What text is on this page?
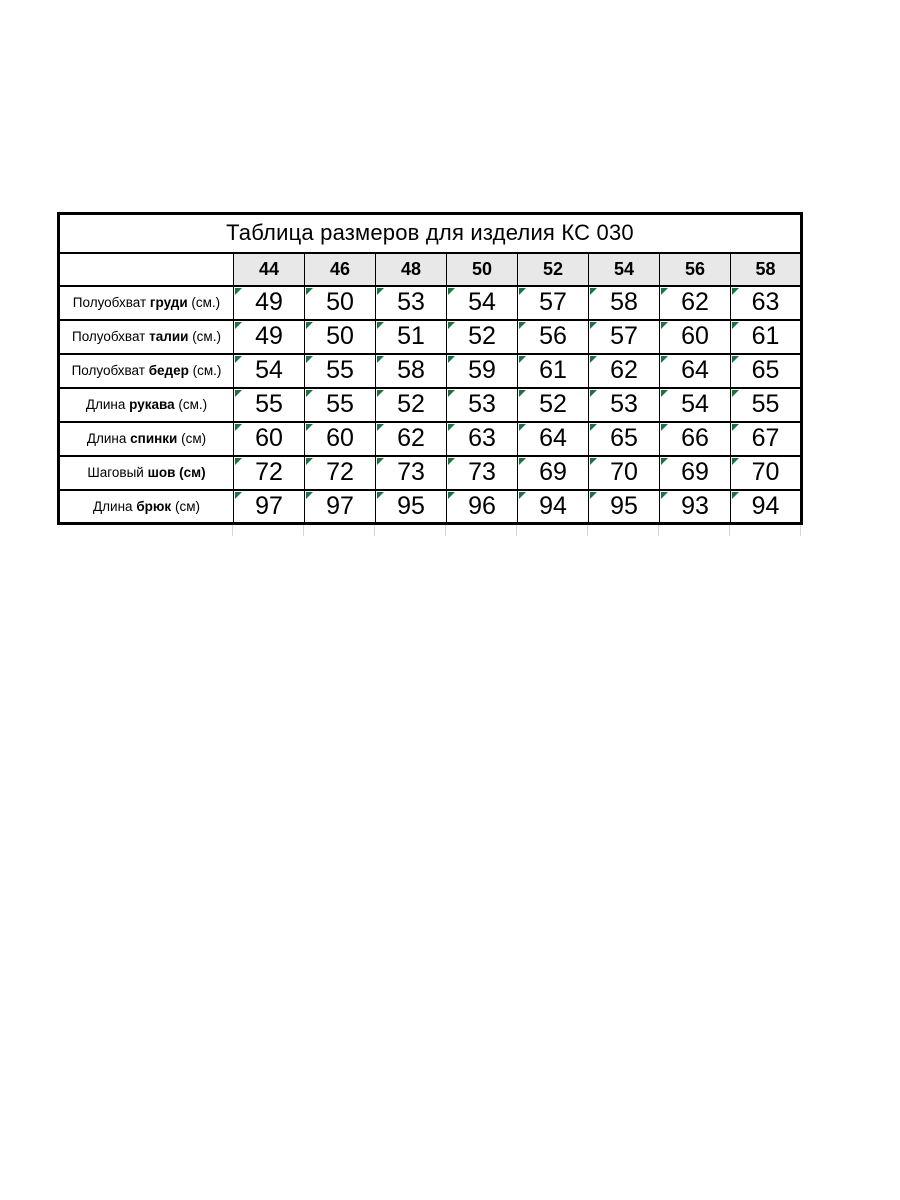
Таблица размеров для изделия КС 030								
	44	46	48	50	52	54	56	58
Полуобхват груди (см.)	49	50	53	54	57	58	62	63
Полуобхват талии (см.)	49	50	51	52	56	57	60	61
Полуобхват бедер (см.)	54	55	58	59	61	62	64	65
Длина рукава (см.)	55	55	52	53	52	53	54	55
Длина спинки (см)	60	60	62	63	64	65	66	67
Шаговый шов (см)	72	72	73	73	69	70	69	70
Длина брюк (см)	97	97	95	96	94	95	93	94
